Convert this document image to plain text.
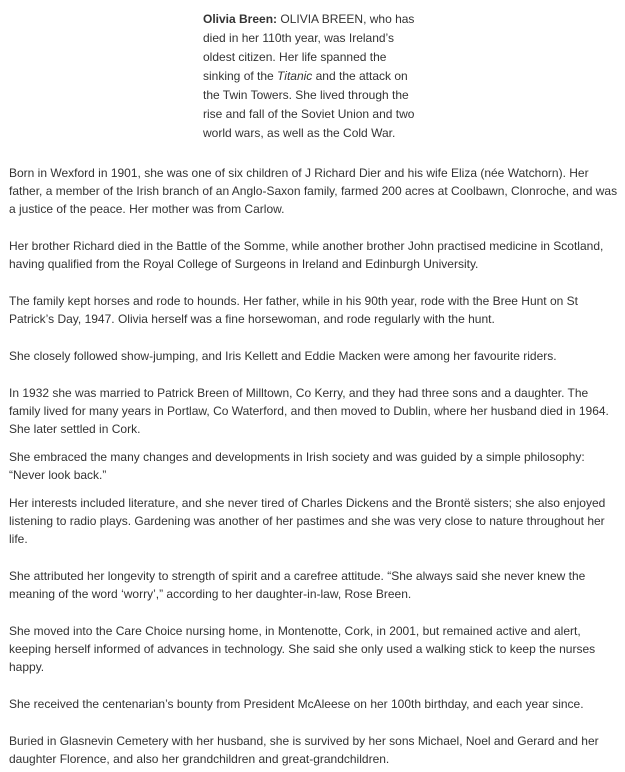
Olivia Breen: OLIVIA BREEN, who has died in her 110th year, was Ireland’s oldest citizen. Her life spanned the sinking of the Titanic and the attack on the Twin Towers. She lived through the rise and fall of the Soviet Union and two world wars, as well as the Cold War.

Born in Wexford in 1901, she was one of six children of J Richard Dier and his wife Eliza (née Watchorn). Her father, a member of the Irish branch of an Anglo-Saxon family, farmed 200 acres at Coolbawn, Clonroche, and was a justice of the peace. Her mother was from Carlow.

Her brother Richard died in the Battle of the Somme, while another brother John practised medicine in Scotland, having qualified from the Royal College of Surgeons in Ireland and Edinburgh University.

The family kept horses and rode to hounds. Her father, while in his 90th year, rode with the Bree Hunt on St Patrick’s Day, 1947. Olivia herself was a fine horsewoman, and rode regularly with the hunt.

She closely followed show-jumping, and Iris Kellett and Eddie Macken were among her favourite riders.

In 1932 she was married to Patrick Breen of Milltown, Co Kerry, and they had three sons and a daughter. The family lived for many years in Portlaw, Co Waterford, and then moved to Dublin, where her husband died in 1964. She later settled in Cork.

She embraced the many changes and developments in Irish society and was guided by a simple philosophy: “Never look back.”

Her interests included literature, and she never tired of Charles Dickens and the Brontë sisters; she also enjoyed listening to radio plays. Gardening was another of her pastimes and she was very close to nature throughout her life.

She attributed her longevity to strength of spirit and a carefree attitude. “She always said she never knew the meaning of the word ‘worry’,” according to her daughter-in-law, Rose Breen.

She moved into the Care Choice nursing home, in Montenotte, Cork, in 2001, but remained active and alert, keeping herself informed of advances in technology. She said she only used a walking stick to keep the nurses happy.

She received the centenarian’s bounty from President McAleese on her 100th birthday, and each year since.

Buried in Glasnevin Cemetery with her husband, she is survived by her sons Michael, Noel and Gerard and her daughter Florence, and also her grandchildren and great-grandchildren.
